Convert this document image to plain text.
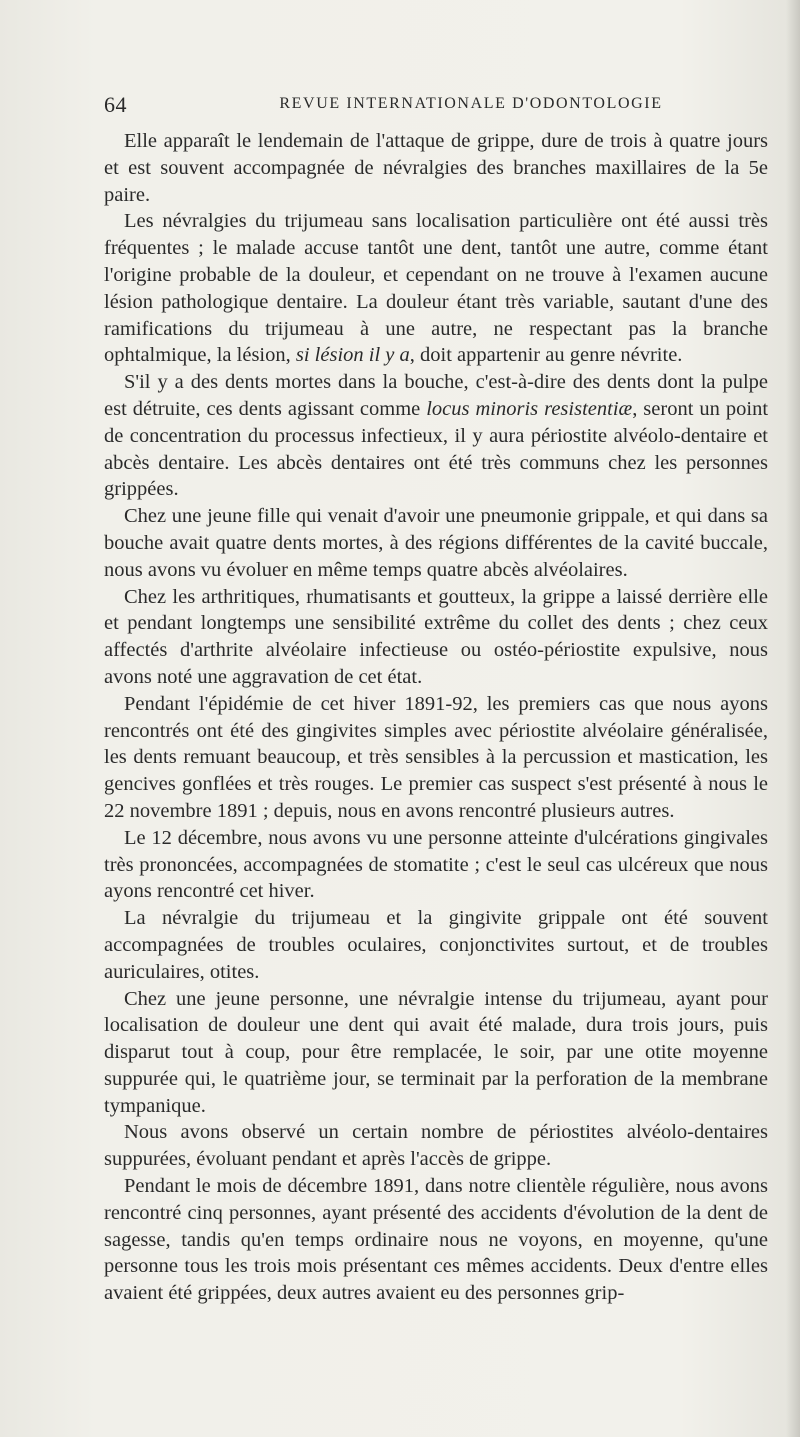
64	REVUE INTERNATIONALE D'ODONTOLOGIE

Elle apparaît le lendemain de l'attaque de grippe, dure de trois à quatre jours et est souvent accompagnée de névralgies des branches maxillaires de la 5e paire.

Les névralgies du trijumeau sans localisation particulière ont été aussi très fréquentes ; le malade accuse tantôt une dent, tantôt une autre, comme étant l'origine probable de la douleur, et cependant on ne trouve à l'examen aucune lésion pathologique dentaire. La douleur étant très variable, sautant d'une des ramifications du trijumeau à une autre, ne respectant pas la branche ophtalmique, la lésion, si lésion il y a, doit appartenir au genre névrite.

S'il y a des dents mortes dans la bouche, c'est-à-dire des dents dont la pulpe est détruite, ces dents agissant comme locus minoris resistentiæ, seront un point de concentration du processus infectieux, il y aura périostite alvéolo-dentaire et abcès dentaire. Les abcès dentaires ont été très communs chez les personnes grippées.

Chez une jeune fille qui venait d'avoir une pneumonie grippale, et qui dans sa bouche avait quatre dents mortes, à des régions différentes de la cavité buccale, nous avons vu évoluer en même temps quatre abcès alvéolaires.

Chez les arthritiques, rhumatisants et goutteux, la grippe a laissé derrière elle et pendant longtemps une sensibilité extrême du collet des dents ; chez ceux affectés d'arthrite alvéolaire infectieuse ou ostéo-périostite expulsive, nous avons noté une aggravation de cet état.

Pendant l'épidémie de cet hiver 1891-92, les premiers cas que nous ayons rencontrés ont été des gingivites simples avec périostite alvéolaire généralisée, les dents remuant beaucoup, et très sensibles à la percussion et mastication, les gencives gonflées et très rouges. Le premier cas suspect s'est présenté à nous le 22 novembre 1891 ; depuis, nous en avons rencontré plusieurs autres.

Le 12 décembre, nous avons vu une personne atteinte d'ulcérations gingivales très prononcées, accompagnées de stomatite ; c'est le seul cas ulcéreux que nous ayons rencontré cet hiver.

La névralgie du trijumeau et la gingivite grippale ont été souvent accompagnées de troubles oculaires, conjonctivites surtout, et de troubles auriculaires, otites.

Chez une jeune personne, une névralgie intense du trijumeau, ayant pour localisation de douleur une dent qui avait été malade, dura trois jours, puis disparut tout à coup, pour être remplacée, le soir, par une otite moyenne suppurée qui, le quatrième jour, se terminait par la perforation de la membrane tympanique.

Nous avons observé un certain nombre de périostites alvéolo-dentaires suppurées, évoluant pendant et après l'accès de grippe.

Pendant le mois de décembre 1891, dans notre clientèle régulière, nous avons rencontré cinq personnes, ayant présenté des accidents d'évolution de la dent de sagesse, tandis qu'en temps ordinaire nous ne voyons, en moyenne, qu'une personne tous les trois mois présentant ces mêmes accidents. Deux d'entre elles avaient été grippées, deux autres avaient eu des personnes grip-
